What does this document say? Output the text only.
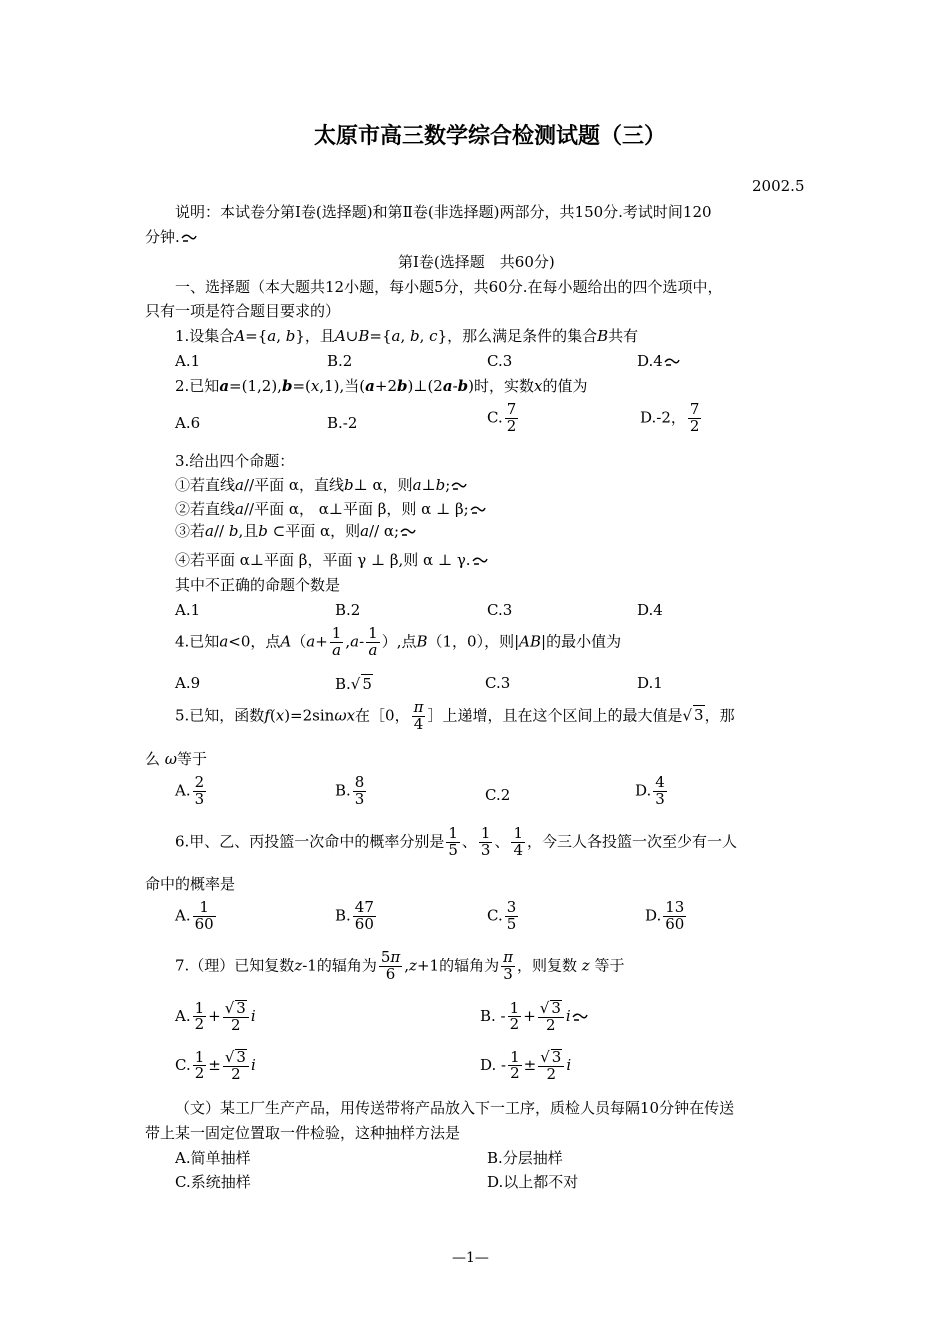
太原市高三数学综合检测试题（三）
2002.5
说明：本试卷分第Ⅰ卷(选择题)和第Ⅱ卷(非选择题)两部分，共150分.考试时间120
分钟.
第Ⅰ卷(选择题　共60分)
一、选择题（本大题共12小题，每小题5分，共60分.在每小题给出的四个选项中，
只有一项是符合题目要求的）
1.设集合A={a, b}，且A∪B={a, b, c}，那么满足条件的集合B共有
A.1	B.2	C.3	D.4
2.已知a=(1,2),b=(x,1),当(a+2b)⊥(2a-b)时，实数x的值为
A.6	B.-2	C. $\frac{7}{2}$	D.-2， $\frac{7}{2}$
3.给出四个命题：
①若直线a//平面 α，直线b⊥ α，则a⊥b;
②若直线a//平面 α， α⊥平面 β，则 α ⊥ β;
③若a// b,且b ⊂平面 α，则a// α;
④若平面 α⊥平面 β，平面 γ ⊥ β,则 α ⊥ γ.
其中不正确的命题个数是
A.1	B.2	C.3	D.4
4.已知a<0，点$A(a+ \frac{1}{a} ,a- \frac{1}{a}$ ）,点B（1，0），则|AB|的最小值为
A.9	B.√ 5	C.3	D.1
5.已知，函数f(x)=2sinωx在［0， $\frac{\pi}{4}$ ］上递增，且在这个区间上的最大值是√ 3，那
么 ω等于
A. $\frac{2}{3}$	B. $\frac{8}{3}$	C.2	D. $\frac{4}{3}$
6.甲、乙、丙投篮一次命中的概率分别是 $\frac{1}{5}$ 、 $\frac{1}{3}$ 、 $\frac{1}{4}$ ，今三人各投篮一次至少有一人
命中的概率是
A. $\frac{1}{60}$	B. $\frac{47}{60}$	C. $\frac{3}{5}$	D. $\frac{13}{60}$
7.（理）已知复数z-1的辐角为 $\frac{5\pi}{6} ,z+1$的辐角为 $\frac{\pi}{3}$ ，则复数 z 等于
A. $\frac{1}{2} + \frac{√ 3}{2}$ i	B. - $\frac{1}{2} + \frac{√ 3}{2}$ i
C. $\frac{1}{2} \pm \frac{√ 3}{2}$ i	D. - $\frac{1}{2} \pm \frac{√ 3}{2}$ i
（文）某工厂生产产品，用传送带将产品放入下一工序，质检人员每隔10分钟在传送
带上某一固定位置取一件检验，这种抽样方法是
A.简单抽样	B.分层抽样
C.系统抽样	D.以上都不对
—1—
